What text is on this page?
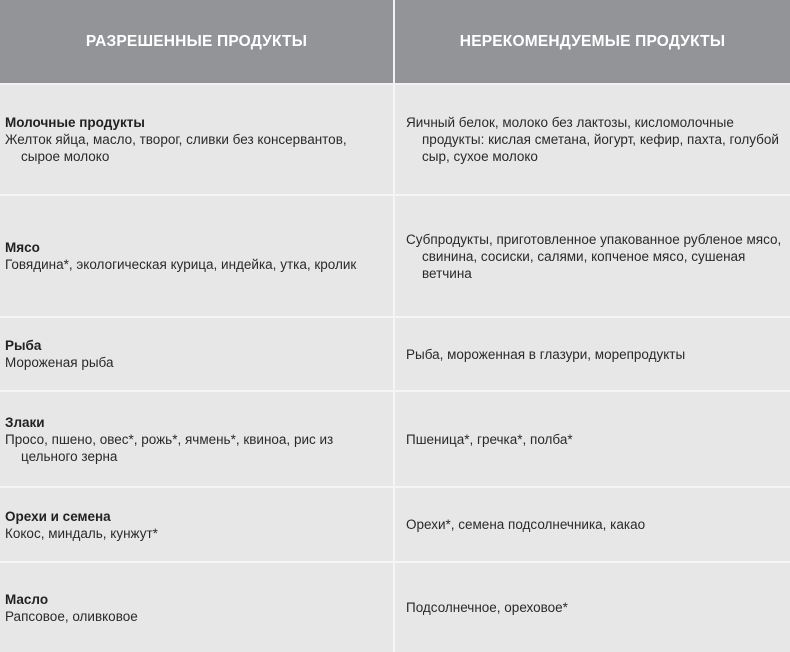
РАЗРЕШЕННЫЕ ПРОДУКТЫ	НЕРЕКОМЕНДУЕМЫЕ ПРОДУКТЫ
Молочные продукты
Желток яйца, масло, творог, сливки без консервантов, сырое молоко
Яичный белок, молоко без лактозы, кисломолочные продукты: кислая сметана, йогурт, кефир, пахта, голубой сыр, сухое молоко
Мясо
Говядина*, экологическая курица, индейка, утка, кролик
Субпродукты, приготовленное упакованное рубленое мясо, свинина, сосиски, салями, копченое мясо, сушеная ветчина
Рыба
Мороженая рыба
Рыба, мороженная в глазури, морепродукты
Злаки
Просо, пшено, овес*, рожь*, ячмень*, квиноа, рис из цельного зерна
Пшеница*, гречка*, полба*
Орехи и семена
Кокос, миндаль, кунжут*
Орехи*, семена подсолнечника, какао
Масло
Рапсовое, оливковое
Подсолнечное, ореховое*
